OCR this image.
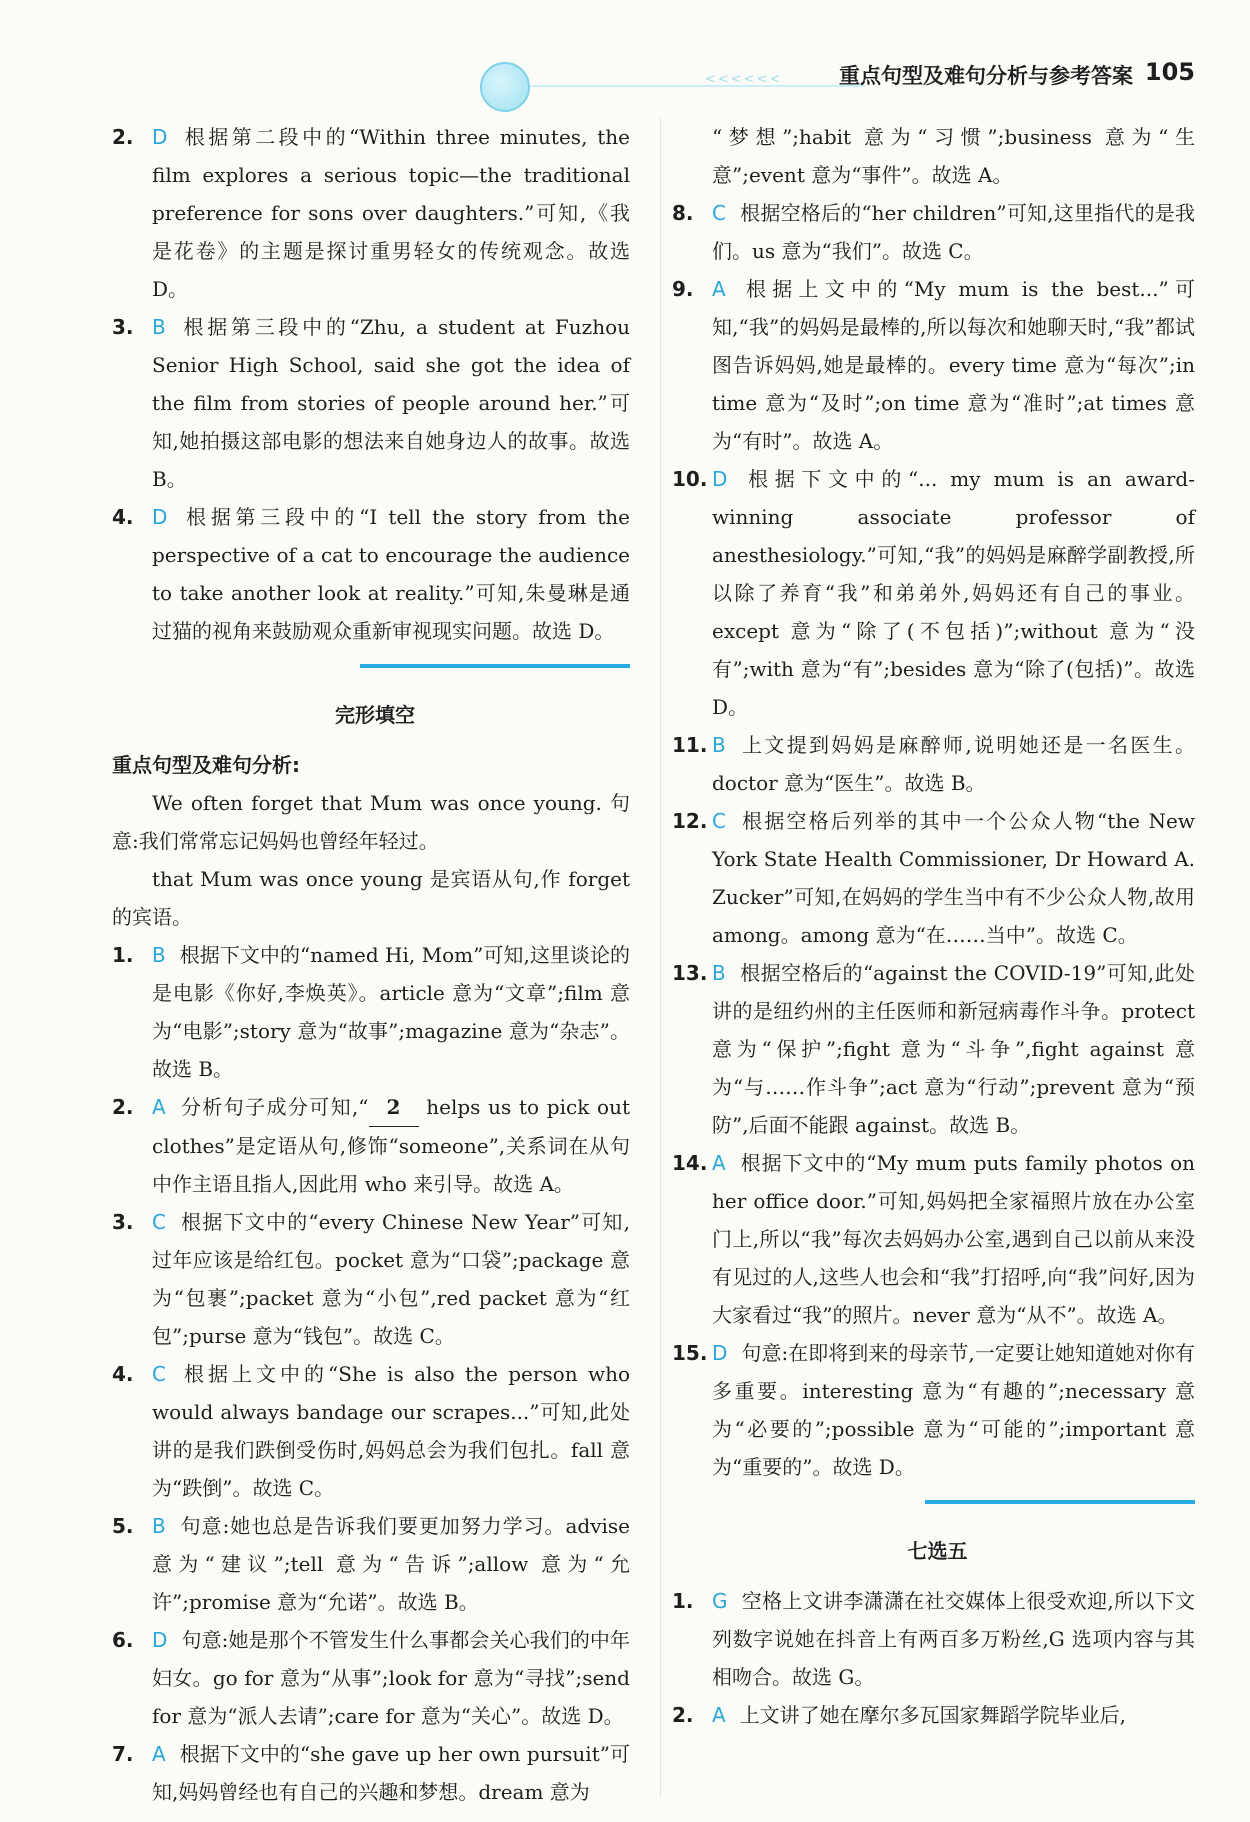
<<<<<<	重点句型及难句分析与参考答案 105
2. D 根据第二段中的“Within three minutes, the film explores a serious topic—the traditional preference for sons over daughters.”可知,《我是花卷》的主题是探讨重男轻女的传统观念。故选 D。
3. B 根据第三段中的“Zhu, a student at Fuzhou Senior High School, said she got the idea of the film from stories of people around her.”可知,她拍摄这部电影的想法来自她身边人的故事。故选 B。
4. D 根据第三段中的“I tell the story from the perspective of a cat to encourage the audience to take another look at reality.”可知,朱曼琳是通过猫的视角来鼓励观众重新审视现实问题。故选 D。
完形填空
重点句型及难句分析:
We often forget that Mum was once young. 句意:我们常常忘记妈妈也曾经年轻过。
that Mum was once young 是宾语从句,作 forget 的宾语。
1. B 根据下文中的“named Hi, Mom”可知,这里谈论的是电影《你好,李焕英》。article 意为“文章”;film 意为“电影”;story 意为“故事”;magazine 意为“杂志”。故选 B。
2. A 分析句子成分可知,“ 2 helps us to pick out clothes”是定语从句,修饰“someone”,关系词在从句中作主语且指人,因此用 who 来引导。故选 A。
3. C 根据下文中的“every Chinese New Year”可知,过年应该是给红包。pocket 意为“口袋”;package 意为“包裹”;packet 意为“小包”,red packet 意为“红包”;purse 意为“钱包”。故选 C。
4. C 根据上文中的“She is also the person who would always bandage our scrapes...”可知,此处讲的是我们跌倒受伤时,妈妈总会为我们包扎。fall 意为“跌倒”。故选 C。
5. B 句意:她也总是告诉我们要更加努力学习。advise 意为“建议”;tell 意为“告诉”;allow 意为“允许”;promise 意为“允诺”。故选 B。
6. D 句意:她是那个不管发生什么事都会关心我们的中年妇女。go for 意为“从事”;look for 意为“寻找”;send for 意为“派人去请”;care for 意为“关心”。故选 D。
7. A 根据下文中的“she gave up her own pursuit”可知,妈妈曾经也有自己的兴趣和梦想。dream 意为
“梦想”;habit 意为“习惯”;business 意为“生意”;event 意为“事件”。故选 A。
8. C 根据空格后的“her children”可知,这里指代的是我们。us 意为“我们”。故选 C。
9. A 根据上文中的“My mum is the best...”可知,“我”的妈妈是最棒的,所以每次和她聊天时,“我”都试图告诉妈妈,她是最棒的。every time 意为“每次”;in time 意为“及时”;on time 意为“准时”;at times 意为“有时”。故选 A。
10. D 根据下文中的“... my mum is an award-winning associate professor of anesthesiology.”可知,“我”的妈妈是麻醉学副教授,所以除了养育“我”和弟弟外,妈妈还有自己的事业。except 意为“除了(不包括)”;without 意为“没有”;with 意为“有”;besides 意为“除了(包括)”。故选 D。
11. B 上文提到妈妈是麻醉师,说明她还是一名医生。doctor 意为“医生”。故选 B。
12. C 根据空格后列举的其中一个公众人物“the New York State Health Commissioner, Dr Howard A. Zucker”可知,在妈妈的学生当中有不少公众人物,故用 among。among 意为“在……当中”。故选 C。
13. B 根据空格后的“against the COVID-19”可知,此处讲的是纽约州的主任医师和新冠病毒作斗争。protect 意为“保护”;fight 意为“斗争”,fight against 意为“与……作斗争”;act 意为“行动”;prevent 意为“预防”,后面不能跟 against。故选 B。
14. A 根据下文中的“My mum puts family photos on her office door.”可知,妈妈把全家福照片放在办公室门上,所以“我”每次去妈妈办公室,遇到自己以前从来没有见过的人,这些人也会和“我”打招呼,向“我”问好,因为大家看过“我”的照片。never 意为“从不”。故选 A。
15. D 句意:在即将到来的母亲节,一定要让她知道她对你有多重要。interesting 意为“有趣的”;necessary 意为“必要的”;possible 意为“可能的”;important 意为“重要的”。故选 D。
七选五
1. G 空格上文讲李潇潇在社交媒体上很受欢迎,所以下文列数字说她在抖音上有两百多万粉丝,G 选项内容与其相吻合。故选 G。
2. A 上文讲了她在摩尔多瓦国家舞蹈学院毕业后,
